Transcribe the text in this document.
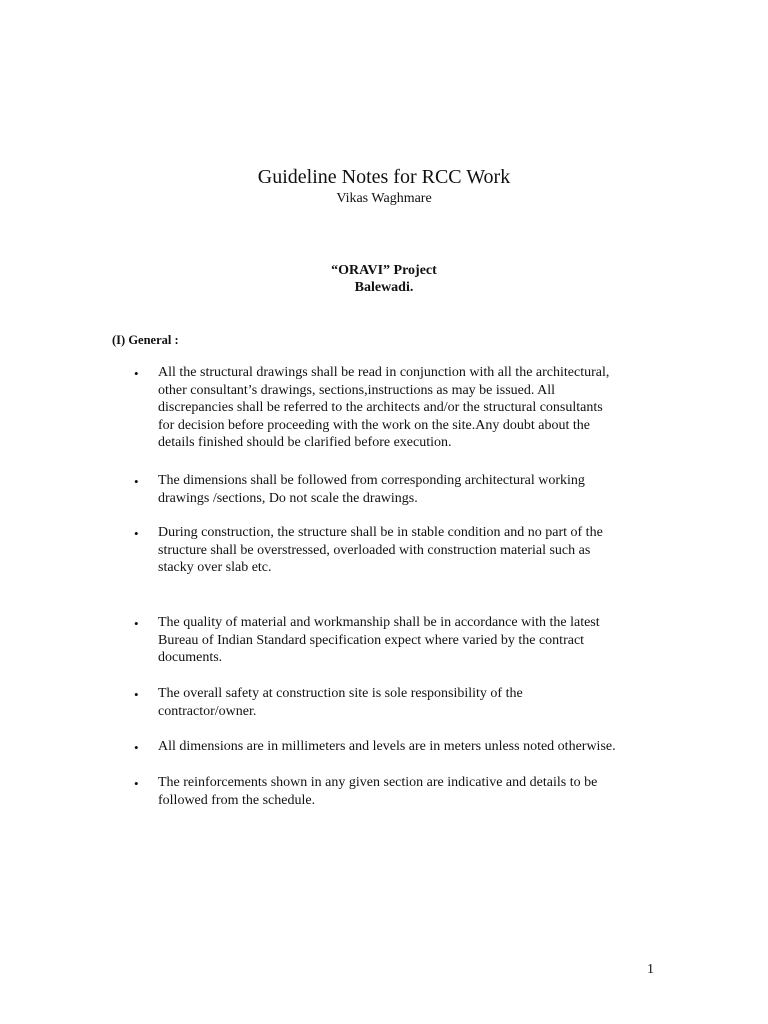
Guideline Notes for RCC Work
Vikas Waghmare
“ORAVI” Project
Balewadi.
(I) General :
• All the structural drawings shall be read in conjunction with all the architectural,
other consultant’s drawings, sections,instructions as may be issued. All
discrepancies shall be referred to the architects and/or the structural consultants
for decision before proceeding with the work on the site.Any doubt about the
details finished should be clarified before execution.
• The dimensions shall be followed from corresponding architectural working
drawings /sections, Do not scale the drawings.
• During construction, the structure shall be in stable condition and no part of the
structure shall be overstressed, overloaded with construction material such as
stacky over slab etc.
• The quality of material and workmanship shall be in accordance with the latest
Bureau of Indian Standard specification expect where varied by the contract
documents.
• The overall safety at construction site is sole responsibility of the
contractor/owner.
• All dimensions are in millimeters and levels are in meters unless noted otherwise.
• The reinforcements shown in any given section are indicative and details to be
followed from the schedule.
1
